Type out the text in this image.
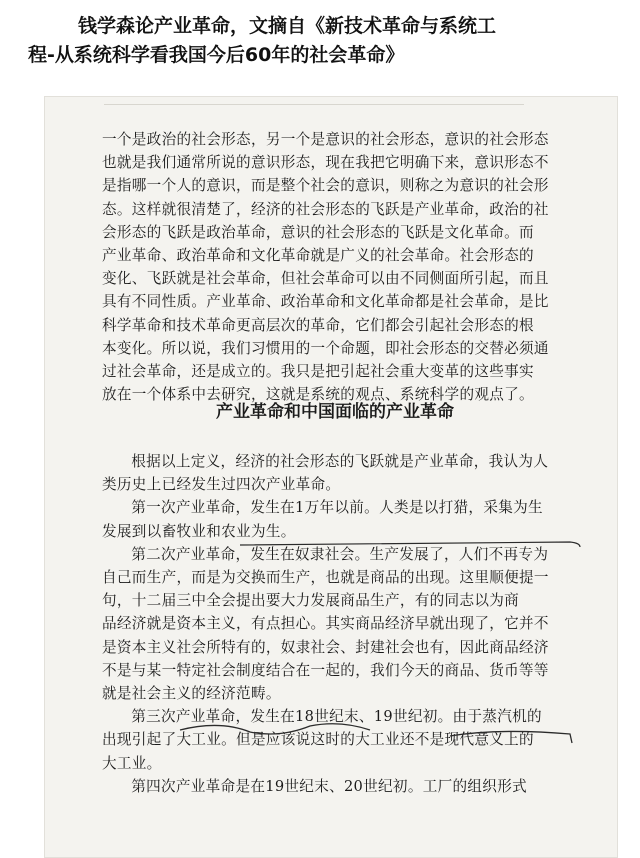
钱学森论产业革命，文摘自《新技术革命与系统工
程-从系统科学看我国今后60年的社会革命》

一个是政治的社会形态，另一个是意识的社会形态，意识的社会形态

也就是我们通常所说的意识形态，现在我把它明确下来，意识形态不

是指哪一个人的意识，而是整个社会的意识，则称之为意识的社会形

态。这样就很清楚了，经济的社会形态的飞跃是产业革命，政治的社

会形态的飞跃是政治革命，意识的社会形态的飞跃是文化革命。而

产业革命、政治革命和文化革命就是广义的社会革命。社会形态的

变化、飞跃就是社会革命，但社会革命可以由不同侧面所引起，而且

具有不同性质。产业革命、政治革命和文化革命都是社会革命，是比

科学革命和技术革命更高层次的革命，它们都会引起社会形态的根

本变化。所以说，我们习惯用的一个命题，即社会形态的交替必须通

过社会革命，还是成立的。我只是把引起社会重大变革的这些事实

放在一个体系中去研究，这就是系统的观点、系统科学的观点了。

产业革命和中国面临的产业革命

根据以上定义，经济的社会形态的飞跃就是产业革命，我认为人

类历史上已经发生过四次产业革命。

第一次产业革命，发生在1万年以前。人类是以打猎，采集为生

发展到以畜牧业和农业为生。

第二次产业革命，发生在奴隶社会。生产发展了，人们不再专为

自己而生产，而是为交换而生产，也就是商品的出现。这里顺便提一

句，十二届三中全会提出要大力发展商品生产，有的同志以为商

品经济就是资本主义，有点担心。其实商品经济早就出现了，它并不

是资本主义社会所特有的，奴隶社会、封建社会也有，因此商品经济

不是与某一特定社会制度结合在一起的，我们今天的商品、货币等等

就是社会主义的经济范畴。

第三次产业革命，发生在18世纪末、19世纪初。由于蒸汽机的

出现引起了大工业。但是应该说这时的大工业还不是现代意义上的

大工业。

第四次产业革命是在19世纪末、20世纪初。工厂的组织形式
